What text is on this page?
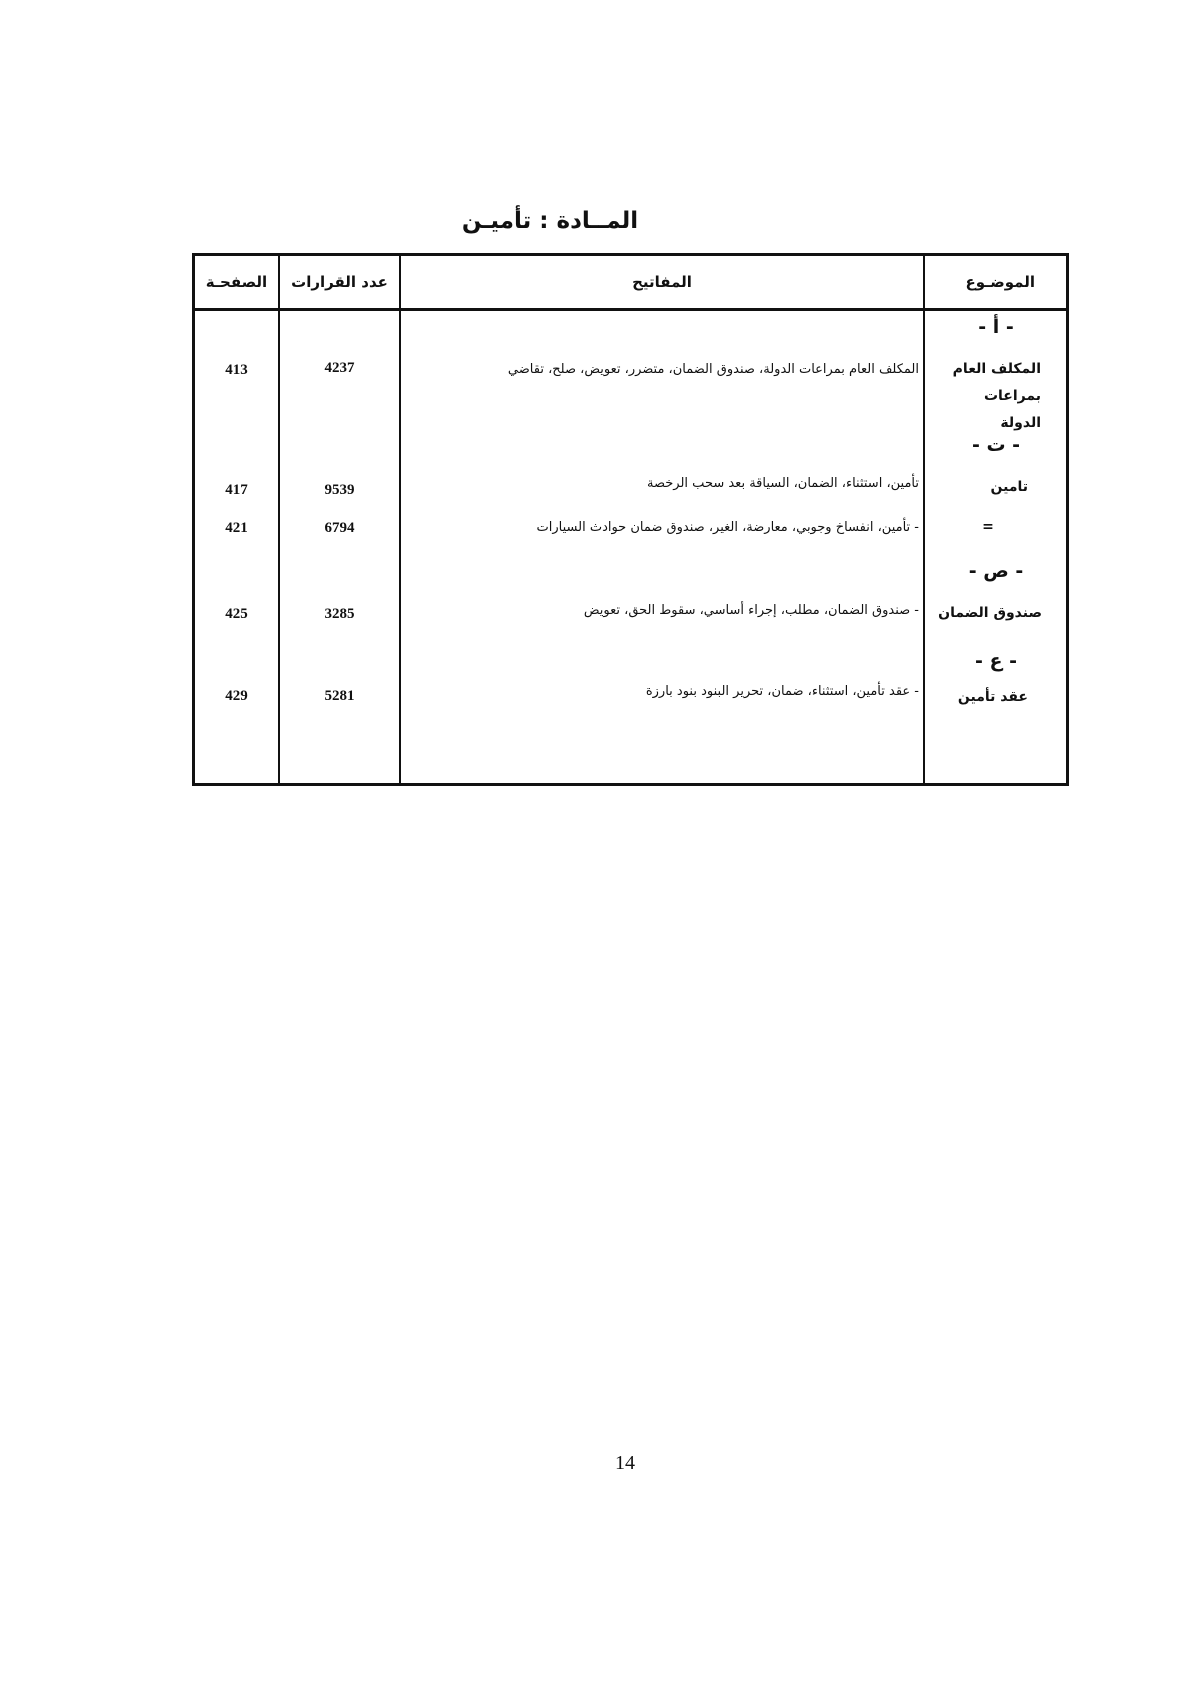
المــادة : تأميـن
الصفحـة	عدد القرارات	المفاتيح	الموضـوع
- أ -
413	4237	المكلف العام بمراعات الدولة، صندوق الضمان، متضرر، تعويض، صلح، تقاضي	المكلف العام بمراعات الدولة
- ت -
417	9539	تأمين، استثناء، الضمان، السياقة بعد سحب الرخصة	تامين
421	6794	- تأمين، انفساخ وجوبي، معارضة، الغير، صندوق ضمان حوادث السيارات	=
- ص -
425	3285	- صندوق الضمان، مطلب، إجراء أساسي، سقوط الحق، تعويض	صندوق الضمان
- ع -
429	5281	- عقد تأمين، استثناء، ضمان، تحرير البنود بنود بارزة	عقد تأمين
14
